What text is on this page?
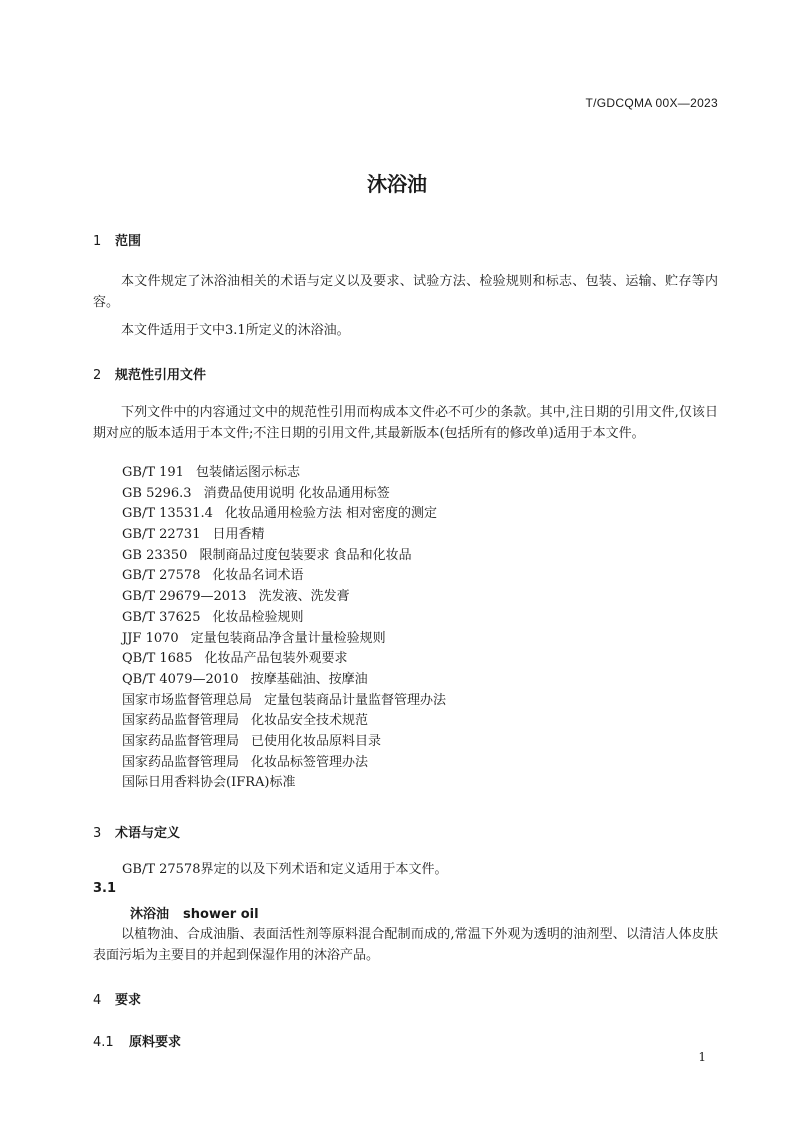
T/GDCQMA 00X—2023
沐浴油
1 范围

本文件规定了沐浴油相关的术语与定义以及要求、试验方法、检验规则和标志、包装、运输、贮存等内容。

本文件适用于文中3.1所定义的沐浴油。

2 规范性引用文件

下列文件中的内容通过文中的规范性引用而构成本文件必不可少的条款。其中,注日期的引用文件,仅该日期对应的版本适用于本文件;不注日期的引用文件,其最新版本(包括所有的修改单)适用于本文件。

GB/T 191 包装储运图示标志
GB 5296.3 消费品使用说明 化妆品通用标签
GB/T 13531.4 化妆品通用检验方法 相对密度的测定
GB/T 22731 日用香精
GB 23350 限制商品过度包装要求 食品和化妆品
GB/T 27578 化妆品名词术语
GB/T 29679—2013 洗发液、洗发膏
GB/T 37625 化妆品检验规则
JJF 1070 定量包装商品净含量计量检验规则
QB/T 1685 化妆品产品包装外观要求
QB/T 4079—2010 按摩基础油、按摩油
国家市场监督管理总局 定量包装商品计量监督管理办法
国家药品监督管理局 化妆品安全技术规范
国家药品监督管理局 已使用化妆品原料目录
国家药品监督管理局 化妆品标签管理办法
国际日用香料协会(IFRA)标准
3 术语与定义
GB/T 27578界定的以及下列术语和定义适用于本文件。
3.1
沐浴油 shower oil

以植物油、合成油脂、表面活性剂等原料混合配制而成的,常温下外观为透明的油剂型、以清洁人体皮肤表面污垢为主要目的并起到保湿作用的沐浴产品。

4 要求
4.1 原料要求
1
